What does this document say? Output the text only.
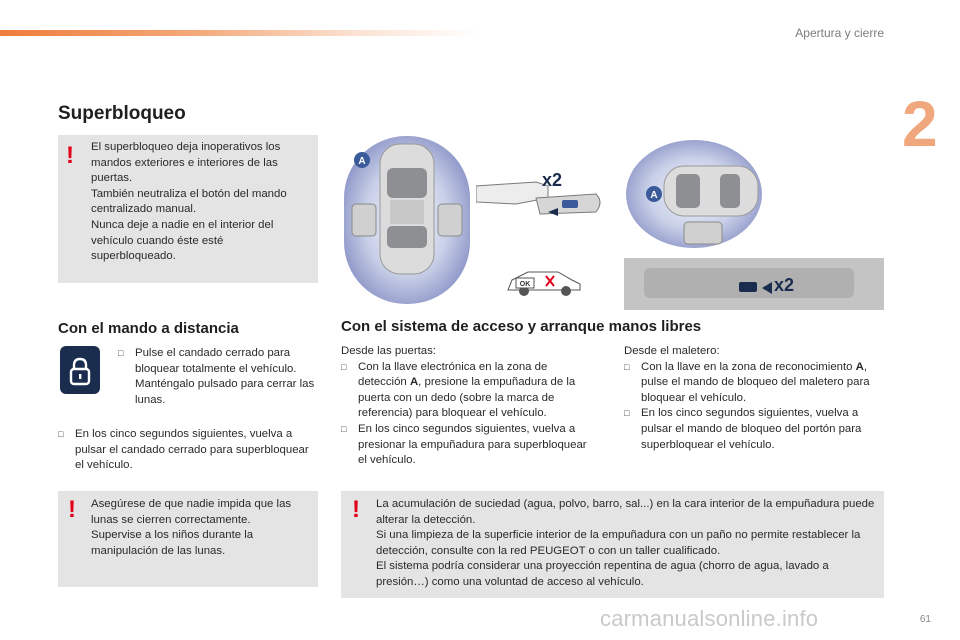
Apertura y cierre
2
Superbloqueo
! El superbloqueo deja inoperativos los mandos exteriores e interiores de las puertas.
También neutraliza el botón del mando centralizado manual.
Nunca deje a nadie en el interior del vehículo cuando éste esté superbloqueado.
A
x2
OK
A
x2
Con el mando a distancia
□	Pulse el candado cerrado para bloquear totalmente el vehículo. Manténgalo pulsado para cerrar las lunas.
□	En los cinco segundos siguientes, vuelva a pulsar el candado cerrado para superbloquear el vehículo.
! Asegúrese de que nadie impida que las lunas se cierren correctamente.
Supervise a los niños durante la manipulación de las lunas.
Con el sistema de acceso y arranque manos libres
Desde las puertas:
□	Con la llave electrónica en la zona de detección A, presione la empuñadura de la puerta con un dedo (sobre la marca de referencia) para bloquear el vehículo.
□	En los cinco segundos siguientes, vuelva a presionar la empuñadura para superbloquear el vehículo.
Desde el maletero:
□	Con la llave en la zona de reconocimiento A, pulse el mando de bloqueo del maletero para bloquear el vehículo.
□	En los cinco segundos siguientes, vuelva a pulsar el mando de bloqueo del portón para superbloquear el vehículo.
! La acumulación de suciedad (agua, polvo, barro, sal...) en la cara interior de la empuñadura puede alterar la detección.
Si una limpieza de la superficie interior de la empuñadura con un paño no permite restablecer la detección, consulte con la red PEUGEOT o con un taller cualificado.
El sistema podría considerar una proyección repentina de agua (chorro de agua, lavado a presión…) como una voluntad de acceso al vehículo.
carmanualsonline.info	61
